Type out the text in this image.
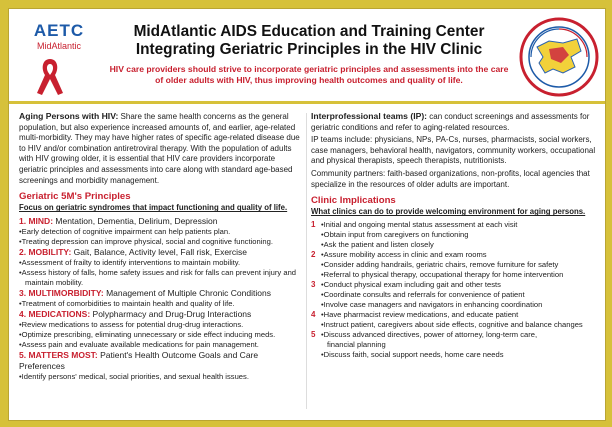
AETC
MidAtlantic
MidAtlantic AIDS Education and Training Center
Integrating Geriatric Principles in the HIV Clinic
HIV care providers should strive to incorporate geriatric principles and assessments into the care of older adults with HIV, thus improving health outcomes and quality of life.

Aging Persons with HIV: Share the same health concerns as the general population, but also experience increased amounts of, and earlier, age-related multi-morbidity. They may have higher rates of specific age-related disease due to HIV and/or combination antiretroviral therapy. With the population of adults with HIV growing older, it is essential that HIV care providers incorporate geriatric principles and assessments into care along with standard age-based screenings and morbidity management.

Geriatric 5M's Principles
Focus on geriatric syndromes that impact functioning and quality of life.
1. MIND: Mentation, Dementia, Delirium, Depression
• Early detection of cognitive impairment can help patients plan.
• Treating depression can improve physical, social and cognitive functioning.
2. MOBILITY: Gait, Balance, Activity level, Fall risk, Exercise
• Assessment of frailty to identify interventions to maintain mobility.
• Assess history of falls, home safety issues and risk for falls can prevent injury and maintain mobility.
3. MULTIMORBIDITY: Management of Multiple Chronic Conditions
• Treatment of comorbidities to maintain health and quality of life.
4. MEDICATIONS: Polypharmacy and Drug-Drug Interactions
• Review medications to assess for potential drug-drug interactions.
• Optimize prescribing, eliminating unnecessary or side effect inducing meds.
• Assess pain and evaluate available medications for pain management.
5. MATTERS MOST: Patient's Health Outcome Goals and Care Preferences
• Identify persons' medical, social priorities, and sexual health issues.

Interprofessional teams (IP): can conduct screenings and assessments for geriatric conditions and refer to aging-related resources.

IP teams include: physicians, NPs, PA-Cs, nurses, pharmacists, social workers, case managers, behavioral health, navigators, community workers, occupational and physical therapists, speech therapists, nutritionists.

Community partners: faith-based organizations, non-profits, local agencies that specialize in the resources of older adults are important.

Clinic Implications
What clinics can do to provide welcoming environment for aging persons.
1	• Initial and ongoing mental status assessment at each visit
• Obtain input from caregivers on functioning
• Ask the patient and listen closely
2	• Assure mobility access in clinic and exam rooms
• Consider adding handrails, geriatric chairs, remove furniture for safety
• Referral to physical therapy, occupational therapy for home intervention
3	• Conduct physical exam including gait and other tests
• Coordinate consults and referrals for convenience of patient
• Involve case managers and navigators in enhancing coordination
4	• Have pharmacist review medications, and educate patient
• Instruct patient, caregivers about side effects, cognitive and balance changes
5	• Discuss advanced directives, power of attorney, long-term care,
financial planning
• Discuss faith, social support needs, home care needs
